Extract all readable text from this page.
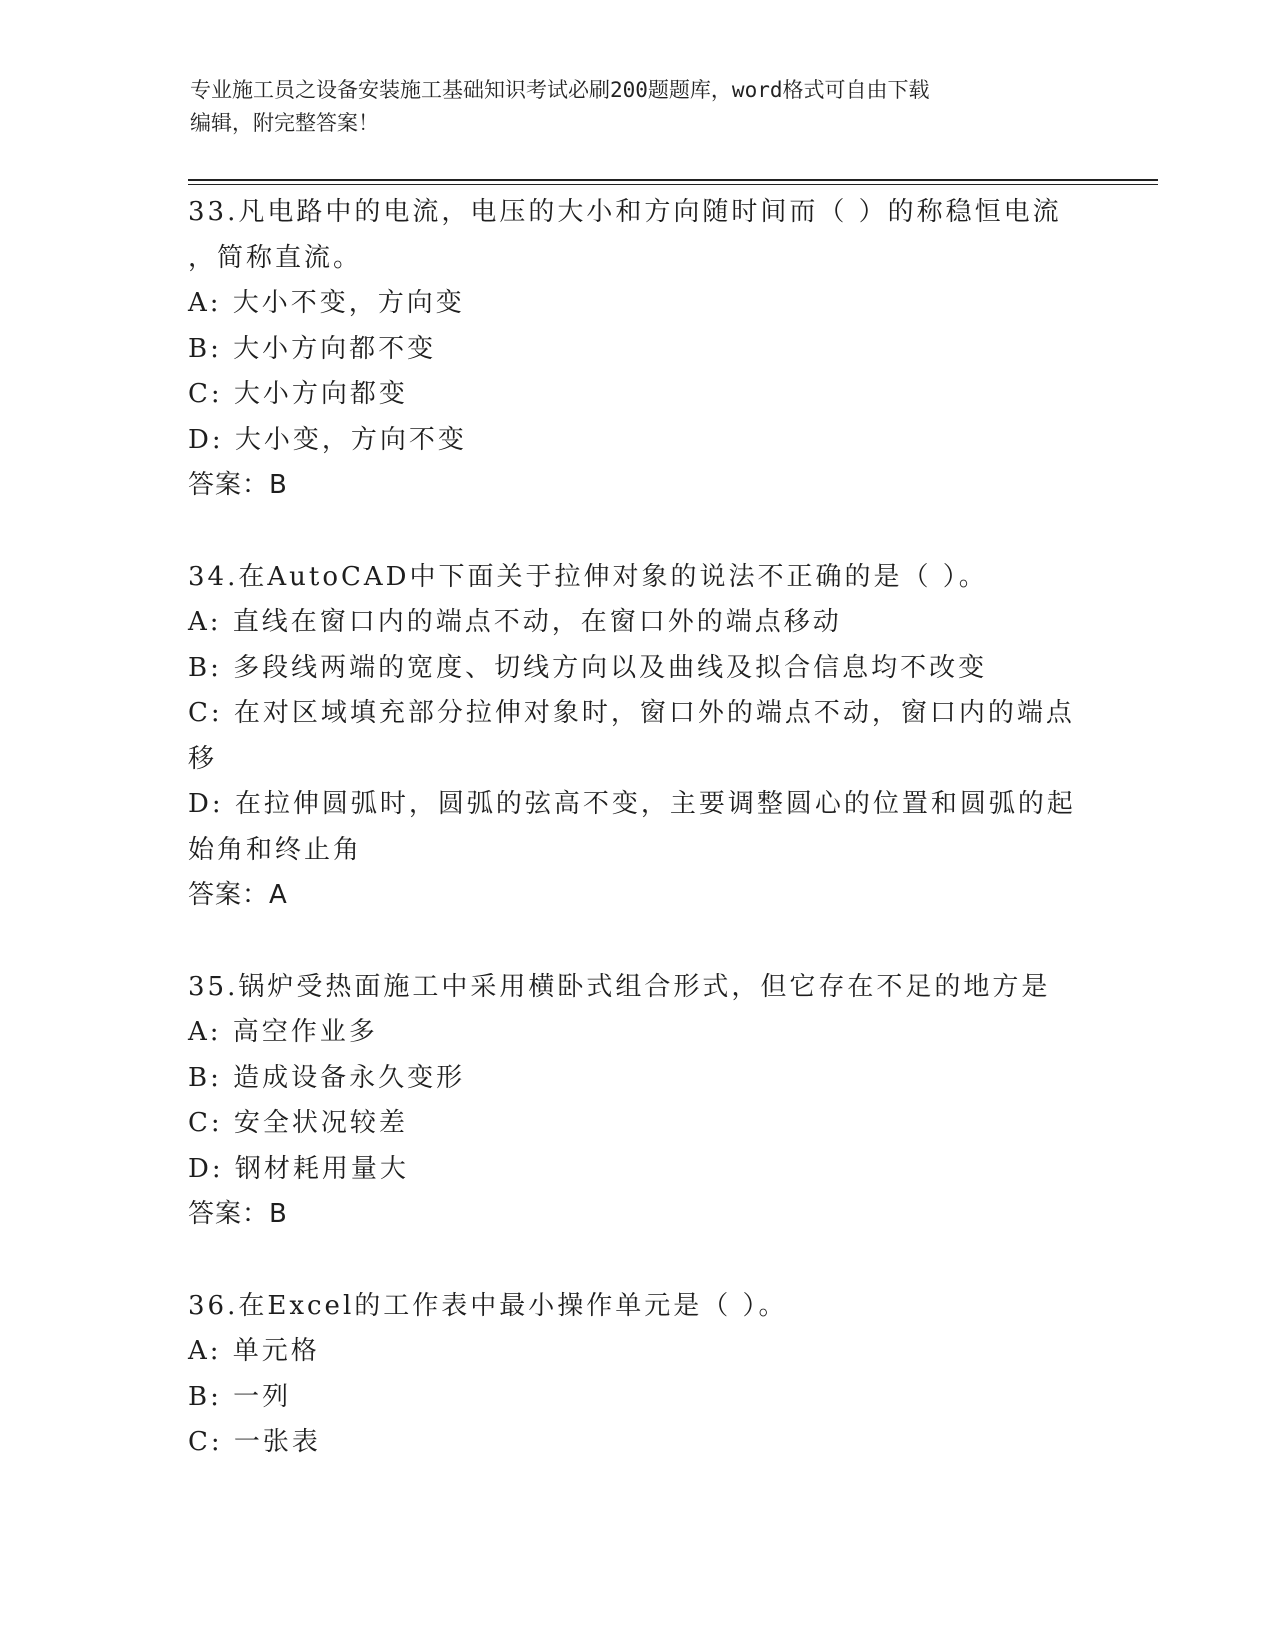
专业施工员之设备安装施工基础知识考试必刷200题题库，word格式可自由下载
编辑，附完整答案！
33.凡电路中的电流，电压的大小和方向随时间而（ ）的称稳恒电流
，简称直流。
A: 大小不变，方向变
B: 大小方向都不变
C: 大小方向都变
D: 大小变，方向不变
答案：B
34.在AutoCAD中下面关于拉伸对象的说法不正确的是（ ）。
A: 直线在窗口内的端点不动，在窗口外的端点移动
B: 多段线两端的宽度、切线方向以及曲线及拟合信息均不改变
C: 在对区域填充部分拉伸对象时，窗口外的端点不动，窗口内的端点
移
D: 在拉伸圆弧时，圆弧的弦高不变，主要调整圆心的位置和圆弧的起
始角和终止角
答案：A
35.锅炉受热面施工中采用横卧式组合形式，但它存在不足的地方是
A: 高空作业多
B: 造成设备永久变形
C: 安全状况较差
D: 钢材耗用量大
答案：B
36.在Excel的工作表中最小操作单元是（ ）。
A: 单元格
B: 一列
C: 一张表
